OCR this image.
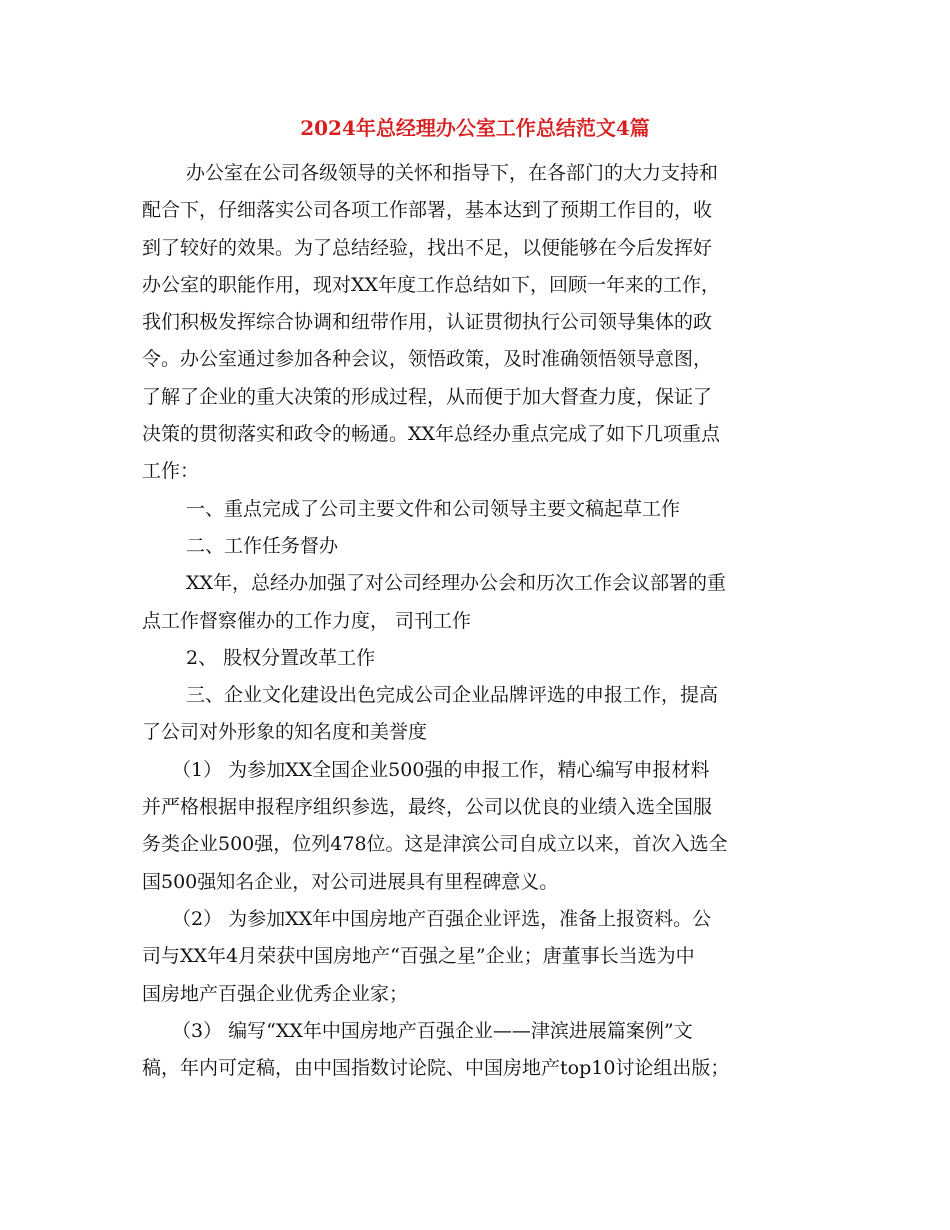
2024年总经理办公室工作总结范文4篇
办公室在公司各级领导的关怀和指导下，在各部门的大力支持和
配合下，仔细落实公司各项工作部署，基本达到了预期工作目的，收
到了较好的效果。为了总结经验，找出不足，以便能够在今后发挥好
办公室的职能作用，现对XX年度工作总结如下，回顾一年来的工作，
我们积极发挥综合协调和纽带作用，认证贯彻执行公司领导集体的政
令。办公室通过参加各种会议，领悟政策，及时准确领悟领导意图，
了解了企业的重大决策的形成过程，从而便于加大督查力度，保证了
决策的贯彻落实和政令的畅通。XX年总经办重点完成了如下几项重点
工作：
一、重点完成了公司主要文件和公司领导主要文稿起草工作
二、工作任务督办
XX年，总经办加强了对公司经理办公会和历次工作会议部署的重
点工作督察催办的工作力度， 司刊工作
2、 股权分置改革工作
三、企业文化建设出色完成公司企业品牌评选的申报工作，提高
了公司对外形象的知名度和美誉度
（1） 为参加XX全国企业500强的申报工作，精心编写申报材料
并严格根据申报程序组织参选，最终，公司以优良的业绩入选全国服
务类企业500强，位列478位。这是津滨公司自成立以来，首次入选全
国500强知名企业，对公司进展具有里程碑意义。
（2） 为参加XX年中国房地产百强企业评选，准备上报资料。公
司与XX年4月荣获中国房地产“百强之星”企业；唐董事长当选为中
国房地产百强企业优秀企业家；
（3） 编写“XX年中国房地产百强企业——津滨进展篇案例”文
稿，年内可定稿，由中国指数讨论院、中国房地产top10讨论组出版；
